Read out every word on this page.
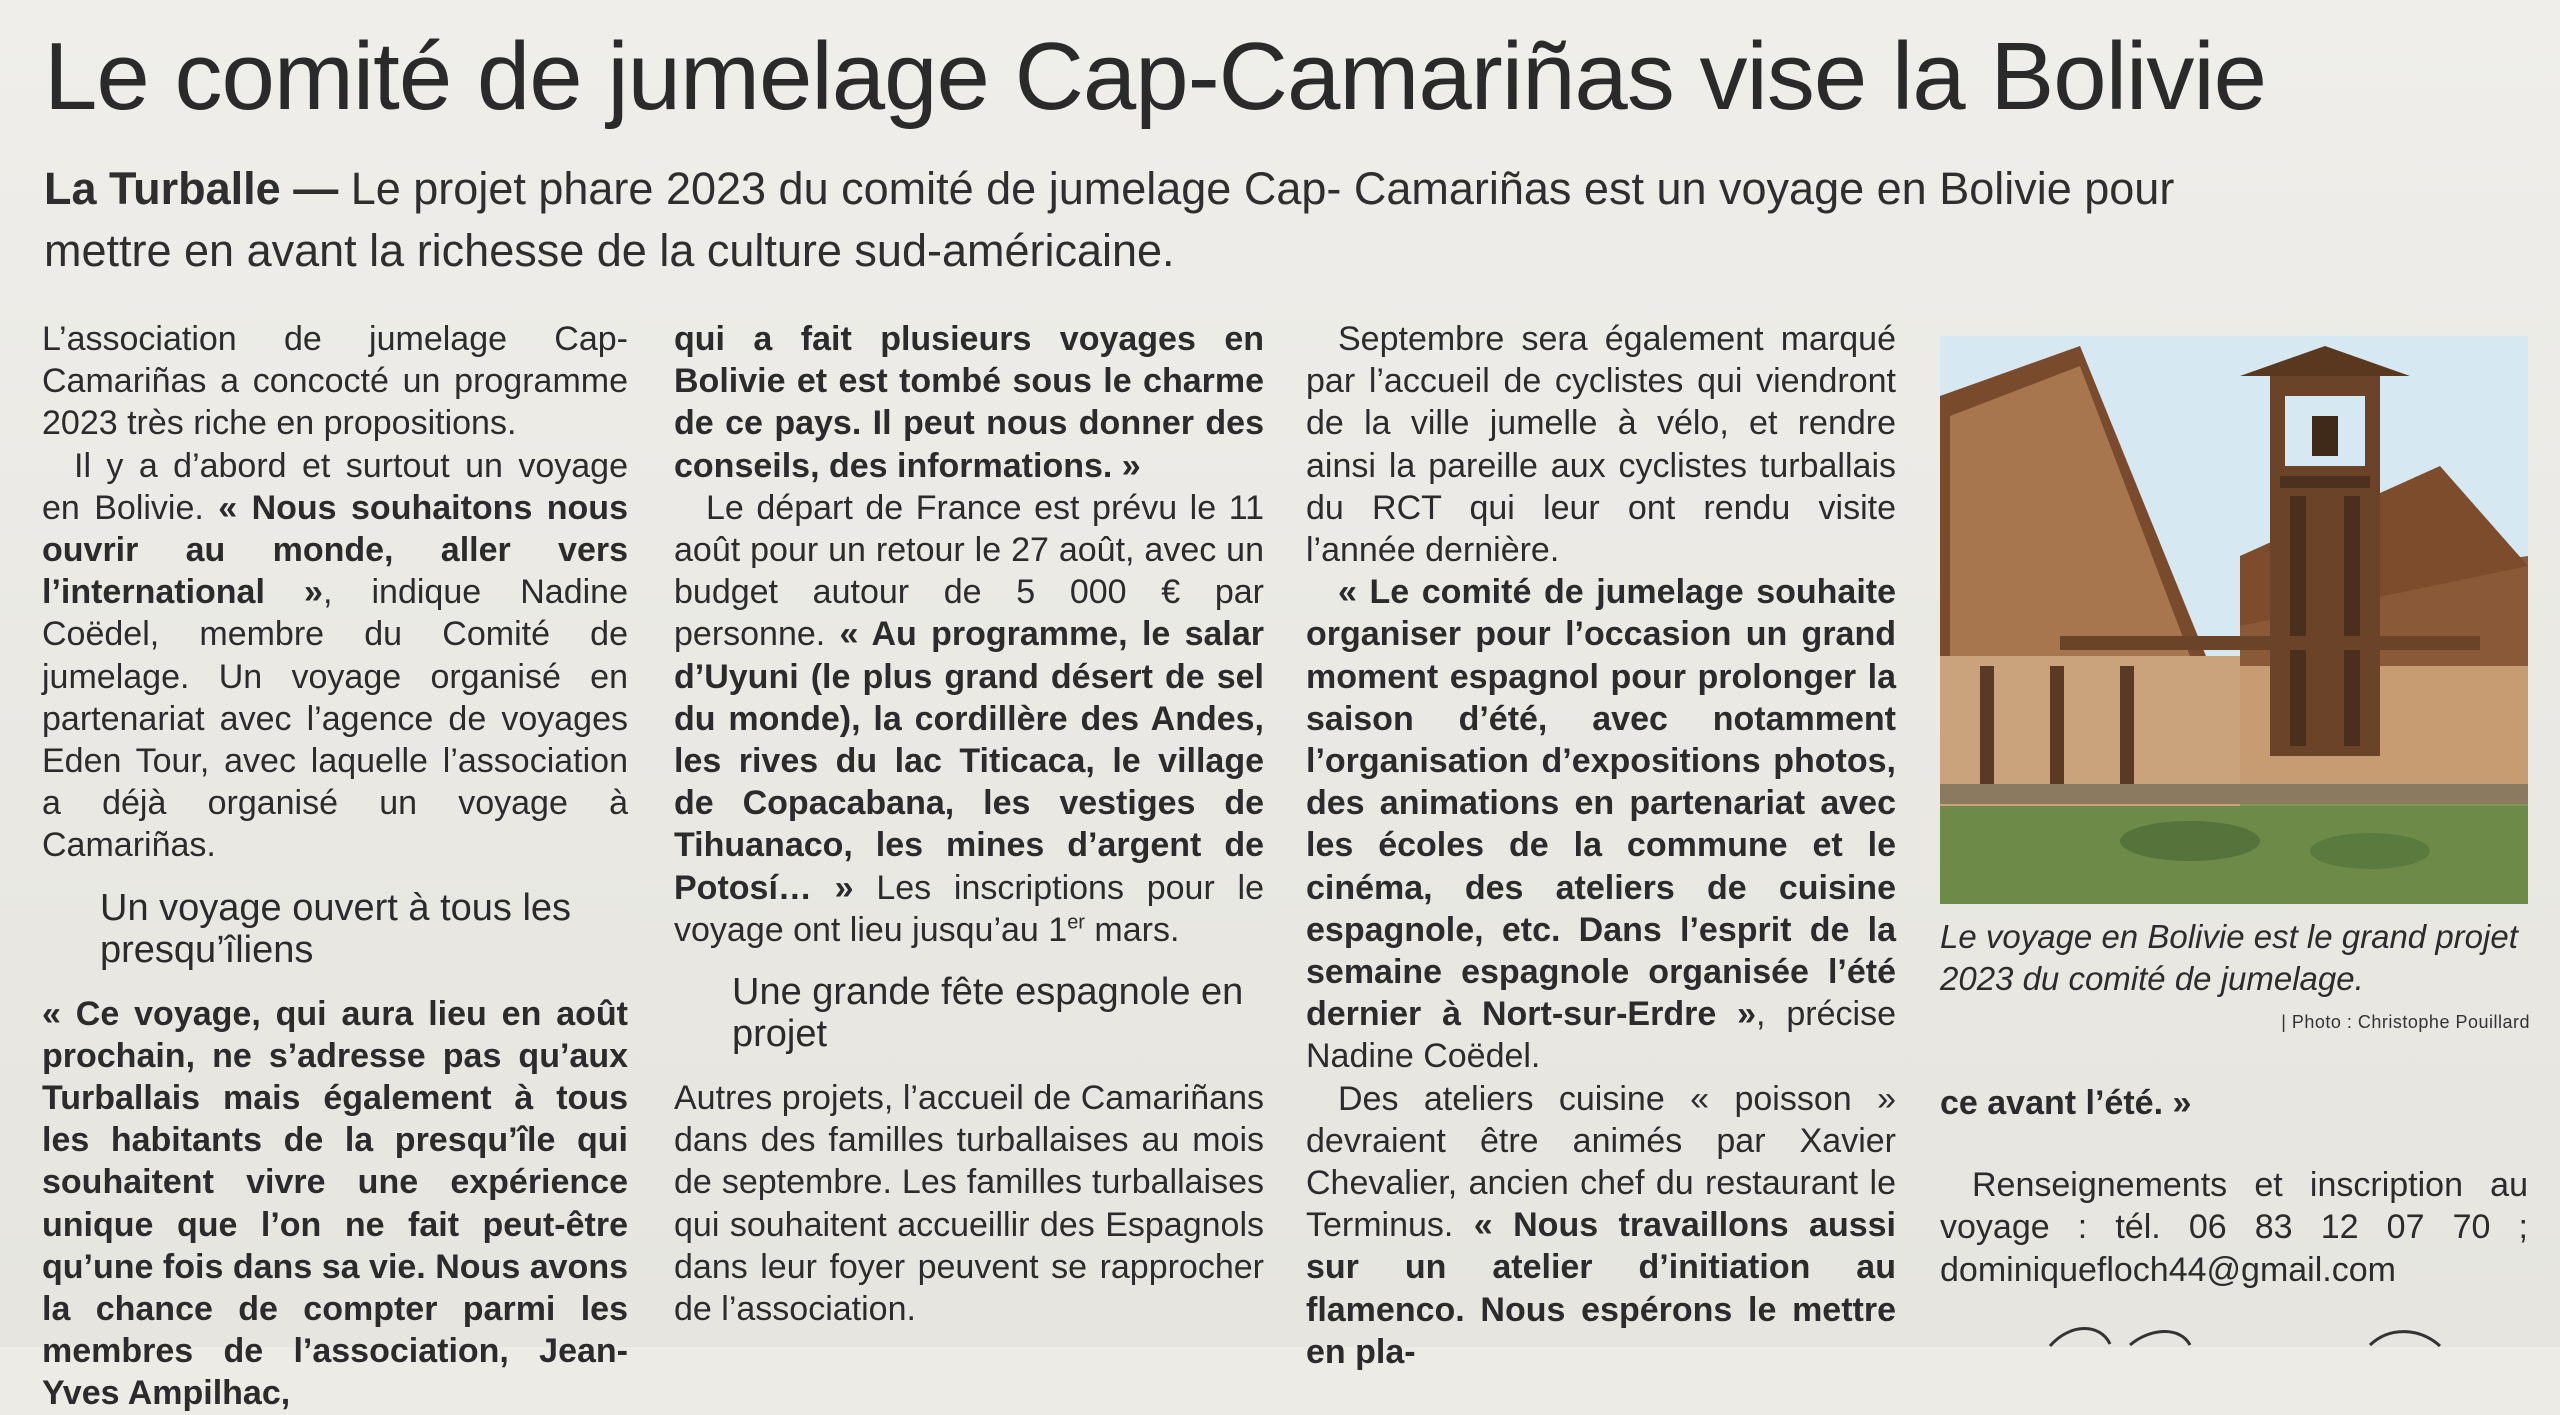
Le comité de jumelage Cap-Camariñas vise la Bolivie

La Turballe — Le projet phare 2023 du comité de jumelage Cap- Camariñas est un voyage en Bolivie pour mettre en avant la richesse de la culture sud-américaine.

L’association de jumelage Cap-Camariñas a concocté un programme 2023 très riche en propositions.

Il y a d’abord et surtout un voyage en Bolivie. « Nous souhaitons nous ouvrir au monde, aller vers l’international », indique Nadine Coëdel, membre du Comité de jumelage. Un voyage organisé en partenariat avec l’agence de voyages Eden Tour, avec laquelle l’association a déjà organisé un voyage à Camariñas.

Un voyage ouvert à tous les presqu’îliens

« Ce voyage, qui aura lieu en août prochain, ne s’adresse pas qu’aux Turballais mais également à tous les habitants de la presqu’île qui souhaitent vivre une expérience unique que l’on ne fait peut-être qu’une fois dans sa vie. Nous avons la chance de compter parmi les membres de l’association, Jean-Yves Ampilhac,

qui a fait plusieurs voyages en Bolivie et est tombé sous le charme de ce pays. Il peut nous donner des conseils, des informations. »

Le départ de France est prévu le 11 août pour un retour le 27 août, avec un budget autour de 5 000 € par personne. « Au programme, le salar d’Uyuni (le plus grand désert de sel du monde), la cordillère des Andes, les rives du lac Titicaca, le village de Copacabana, les vestiges de Tihuanaco, les mines d’argent de Potosí… » Les inscriptions pour le voyage ont lieu jusqu’au 1er mars.

Une grande fête espagnole en projet

Autres projets, l’accueil de Camariñans dans des familles turballaises au mois de septembre. Les familles turballaises qui souhaitent accueillir des Espagnols dans leur foyer peuvent se rapprocher de l’association.

Septembre sera également marqué par l’accueil de cyclistes qui viendront de la ville jumelle à vélo, et rendre ainsi la pareille aux cyclistes turballais du RCT qui leur ont rendu visite l’année dernière.

« Le comité de jumelage souhaite organiser pour l’occasion un grand moment espagnol pour prolonger la saison d’été, avec notamment l’organisation d’expositions photos, des animations en partenariat avec les écoles de la commune et le cinéma, des ateliers de cuisine espagnole, etc. Dans l’esprit de la semaine espagnole organisée l’été dernier à Nort-sur-Erdre », précise Nadine Coëdel.

Des ateliers cuisine « poisson » devraient être animés par Xavier Chevalier, ancien chef du restaurant le Terminus. « Nous travaillons aussi sur un atelier d’initiation au flamenco. Nous espérons le mettre en pla-

Le voyage en Bolivie est le grand projet 2023 du comité de jumelage.
| Photo : Christophe Pouillard

ce avant l’été. »

Renseignements et inscription au voyage : tél. 06 83 12 07 70 ; dominiquefloch44@gmail.com
